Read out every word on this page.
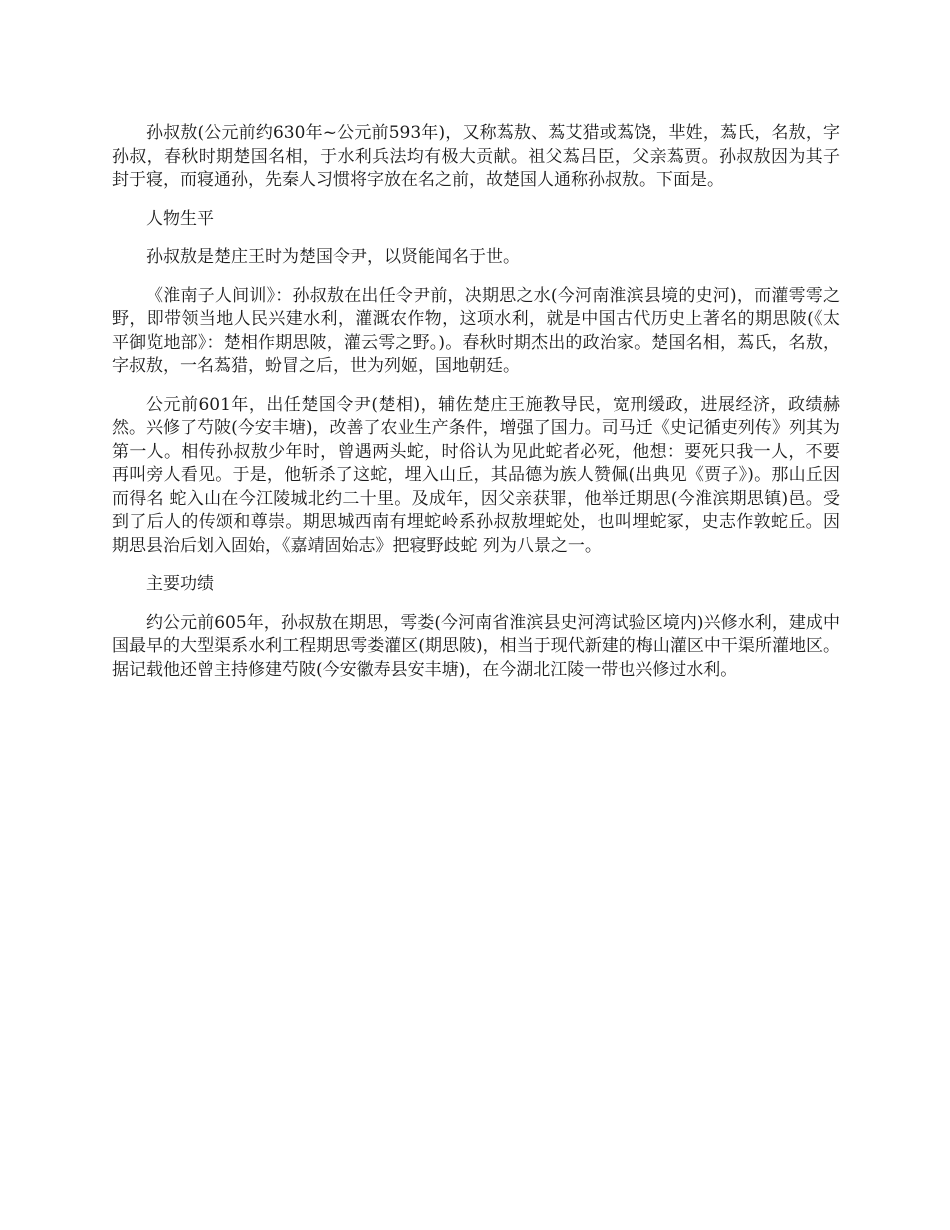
孙叔敖(公元前约630年~公元前593年)，又称蒍敖、蒍艾猎或蒍饶，芈姓，蒍氏，名敖，字孙叔，春秋时期楚国名相，于水利兵法均有极大贡献。祖父蒍吕臣，父亲蒍贾。孙叔敖因为其子封于寝，而寝通孙，先秦人习惯将字放在名之前，故楚国人通称孙叔敖。下面是。

人物生平

孙叔敖是楚庄王时为楚国令尹，以贤能闻名于世。

《淮南子人间训》：孙叔敖在出任令尹前，决期思之水(今河南淮滨县境的史河)，而灌雩雩之野，即带领当地人民兴建水利，灌溉农作物，这项水利，就是中国古代历史上著名的期思陂(《太平御览地部》：楚相作期思陂，灌云雩之野。)。春秋时期杰出的政治家。楚国名相，蒍氏，名敖，字叔敖，一名蒍猎，蚡冒之后，世为列姬，国地朝廷。

公元前601年，出任楚国令尹(楚相)，辅佐楚庄王施教导民，宽刑缓政，进展经济，政绩赫然。兴修了芍陂(今安丰塘)，改善了农业生产条件，增强了国力。司马迁《史记循吏列传》列其为第一人。相传孙叔敖少年时，曾遇两头蛇，时俗认为见此蛇者必死，他想：要死只我一人，不要再叫旁人看见。于是，他斩杀了这蛇，埋入山丘，其品德为族人赞佩(出典见《贾子》)。那山丘因而得名 蛇入山在今江陵城北约二十里。及成年，因父亲获罪，他举迁期思(今淮滨期思镇)邑。受到了后人的传颂和尊崇。期思城西南有埋蛇岭系孙叔敖埋蛇处，也叫埋蛇冢，史志作敦蛇丘。因期思县治后划入固始，《嘉靖固始志》把寝野歧蛇 列为八景之一。

主要功绩

约公元前605年，孙叔敖在期思，雩娄(今河南省淮滨县史河湾试验区境内)兴修水利，建成中国最早的大型渠系水利工程期思雩娄灌区(期思陂)，相当于现代新建的梅山灌区中干渠所灌地区。据记载他还曾主持修建芍陂(今安徽寿县安丰塘)，在今湖北江陵一带也兴修过水利。
